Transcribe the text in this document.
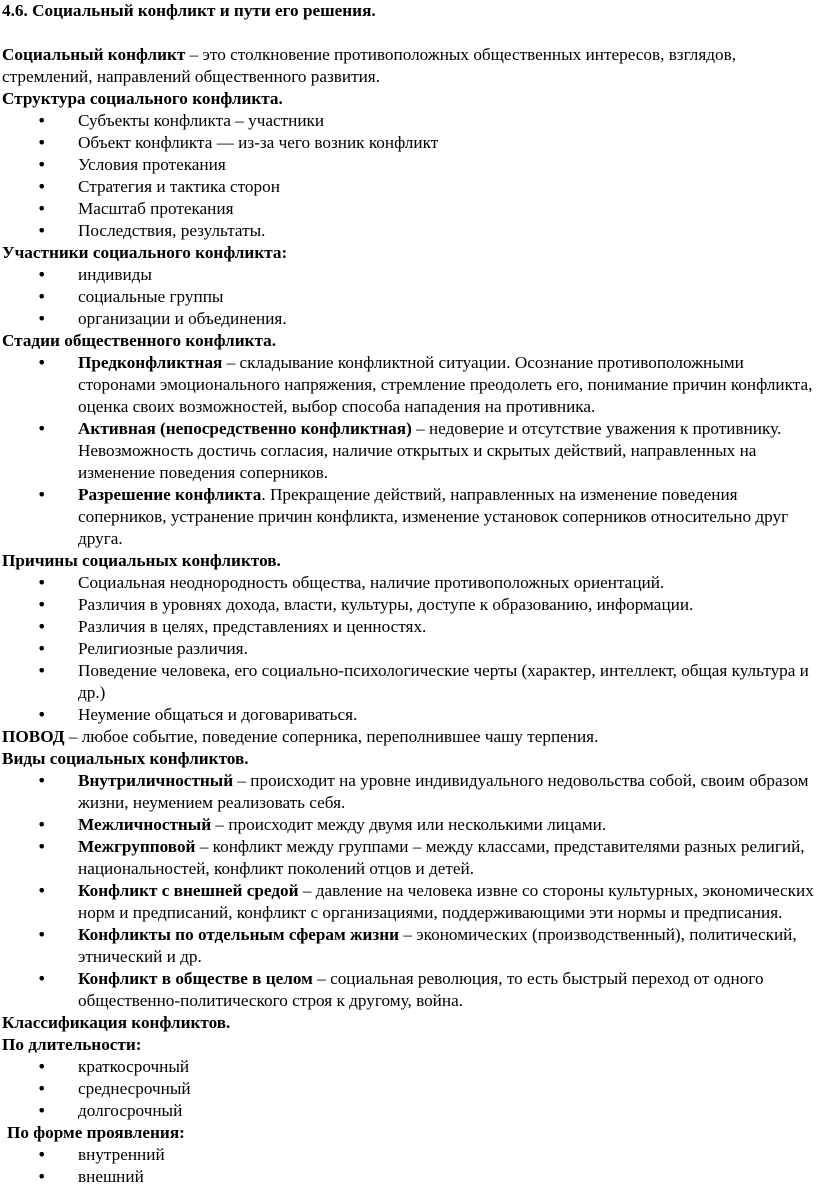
4.6. Социальный конфликт и пути его решения.

Социальный конфликт – это столкновение противоположных общественных интересов, взглядов, стремлений, направлений общественного развития.

Структура социального конфликта.

• Субъекты конфликта – участники
• Объект конфликта –– из-за чего возник конфликт
• Условия протекания
• Стратегия и тактика сторон
• Масштаб протекания
• Последствия, результаты.

Участники социального конфликта:

• индивиды
• социальные группы
• организации и объединения.

Стадии общественного конфликта.

• Предконфликтная – складывание конфликтной ситуации. Осознание противоположными сторонами эмоционального напряжения, стремление преодолеть его, понимание причин конфликта, оценка своих возможностей, выбор способа нападения на противника.
• Активная (непосредственно конфликтная) – недоверие и отсутствие уважения к противнику. Невозможность достичь согласия, наличие открытых и скрытых действий, направленных на изменение поведения соперников.
• Разрешение конфликта. Прекращение действий, направленных на изменение поведения соперников, устранение причин конфликта, изменение установок соперников относительно друг друга.

Причины социальных конфликтов.

• Социальная неоднородность общества, наличие противоположных ориентаций.
• Различия в уровнях дохода, власти, культуры, доступе к образованию, информации.
• Различия в целях, представлениях и ценностях.
• Религиозные различия.
• Поведение человека, его социально-психологические черты (характер, интеллект, общая культура и др.)
• Неумение общаться и договариваться.

ПОВОД – любое событие, поведение соперника, переполнившее чашу терпения.

Виды социальных конфликтов.

• Внутриличностный – происходит на уровне индивидуального недовольства собой, своим образом жизни, неумением реализовать себя.
• Межличностный – происходит между двумя или несколькими лицами.
• Межгрупповой – конфликт между группами – между классами, представителями разных религий, национальностей, конфликт поколений отцов и детей.
• Конфликт с внешней средой – давление на человека извне со стороны культурных, экономических норм и предписаний, конфликт с организациями, поддерживающими эти нормы и предписания.
• Конфликты по отдельным сферам жизни – экономических (производственный), политический, этнический и др.
• Конфликт в обществе в целом – социальная революция, то есть быстрый переход от одного общественно-политического строя к другому, война.

Классификация конфликтов.

По длительности:

• краткосрочный
• среднесрочный
• долгосрочный

По форме проявления:

• внутренний
• внешний
